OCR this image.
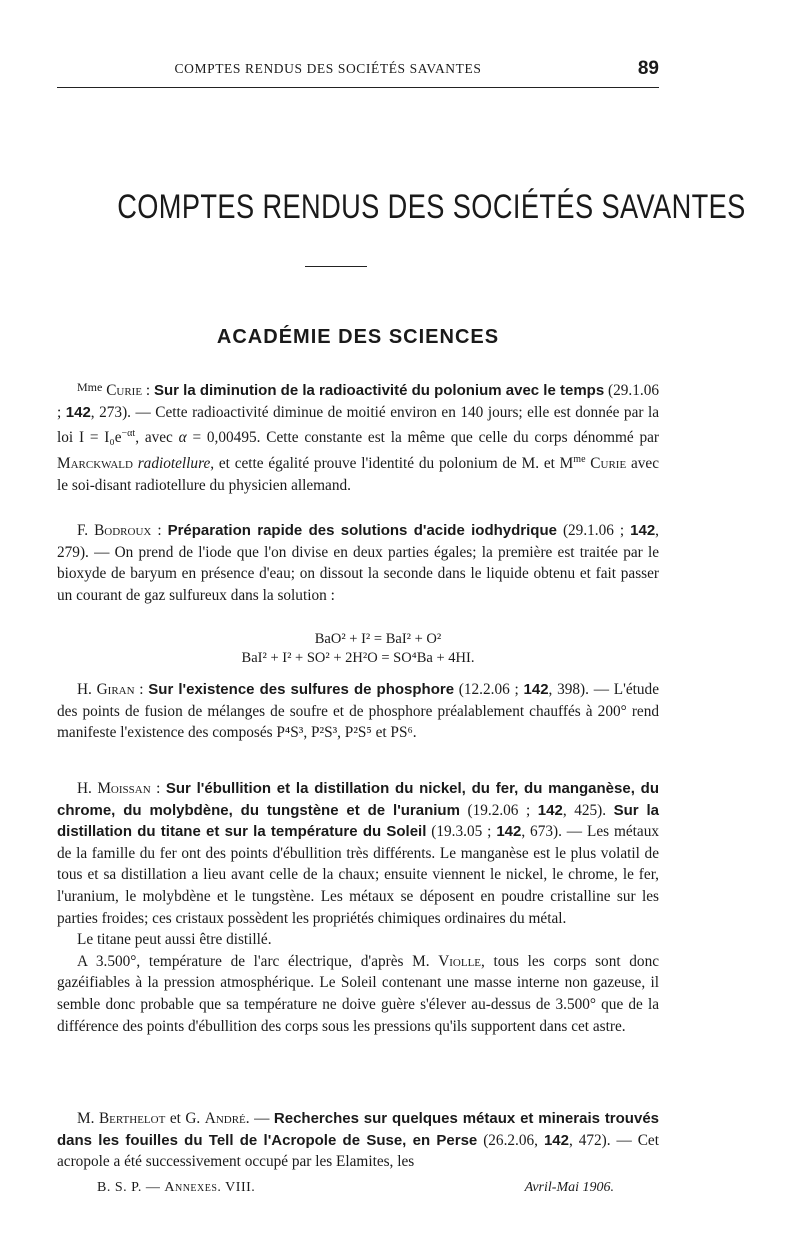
COMPTES RENDUS DES SOCIÉTÉS SAVANTES	89
COMPTES RENDUS DES SOCIÉTÉS SAVANTES
ACADÉMIE DES SCIENCES

$^{Mme}$ Curie : Sur la diminution de la radioactivité du polonium avec le temps (29.1.06 ; 142, 273). — Cette radioactivité diminue de moitié environ en 140 jours; elle est donnée par la loi $I = I_0e^{-\alpha t}$, avec α = 0,00495. Cette constante est la même que celle du corps dénommé par Marckwald radiotellure, et cette égalité prouve l'identité du polonium de M. et $M^{me}$ Curie avec le soi-disant radiotellure du physicien allemand.

F. Bodroux : Préparation rapide des solutions d'acide iodhydrique (29.1.06 ; 142, 279). — On prend de l'iode que l'on divise en deux parties égales; la première est traitée par le bioxyde de baryum en présence d'eau; on dissout la seconde dans le liquide obtenu et fait passer un courant de gaz sulfureux dans la solution :

BaO² + I² = BaI² + O²
BaI² + I² + SO² + 2H²O = SO⁴Ba + 4HI.

H. Giran : Sur l'existence des sulfures de phosphore (12.2.06 ; 142, 398). — L'étude des points de fusion de mélanges de soufre et de phosphore préalablement chauffés à 200° rend manifeste l'existence des composés P⁴S³, P²S³, P²S⁵ et PS⁶.

H. Moissan : Sur l'ébullition et la distillation du nickel, du fer, du manganèse, du chrome, du molybdène, du tungstène et de l'uranium (19.2.06 ; 142, 425). Sur la distillation du titane et sur la température du Soleil (19.3.05 ; 142, 673). — Les métaux de la famille du fer ont des points d'ébullition très différents. Le manganèse est le plus volatil de tous et sa distillation a lieu avant celle de la chaux; ensuite viennent le nickel, le chrome, le fer, l'uranium, le molybdène et le tungstène. Les métaux se déposent en poudre cristalline sur les parties froides; ces cristaux possèdent les propriétés chimiques ordinaires du métal.

Le titane peut aussi être distillé.

A 3.500°, température de l'arc électrique, d'après M. Violle, tous les corps sont donc gazéifiables à la pression atmosphérique. Le Soleil contenant une masse interne non gazeuse, il semble donc probable que sa température ne doive guère s'élever au-dessus de 3.500° que de la différence des points d'ébullition des corps sous les pressions qu'ils supportent dans cet astre.

M. Berthelot et G. André. — Recherches sur quelques métaux et minerais trouvés dans les fouilles du Tell de l'Acropole de Suse, en Perse (26.2.06, 142, 472). — Cet acropole a été successivement occupé par les Elamites, les

B. S. P. — Annexes. VIII.	Avril-Mai 1906.
